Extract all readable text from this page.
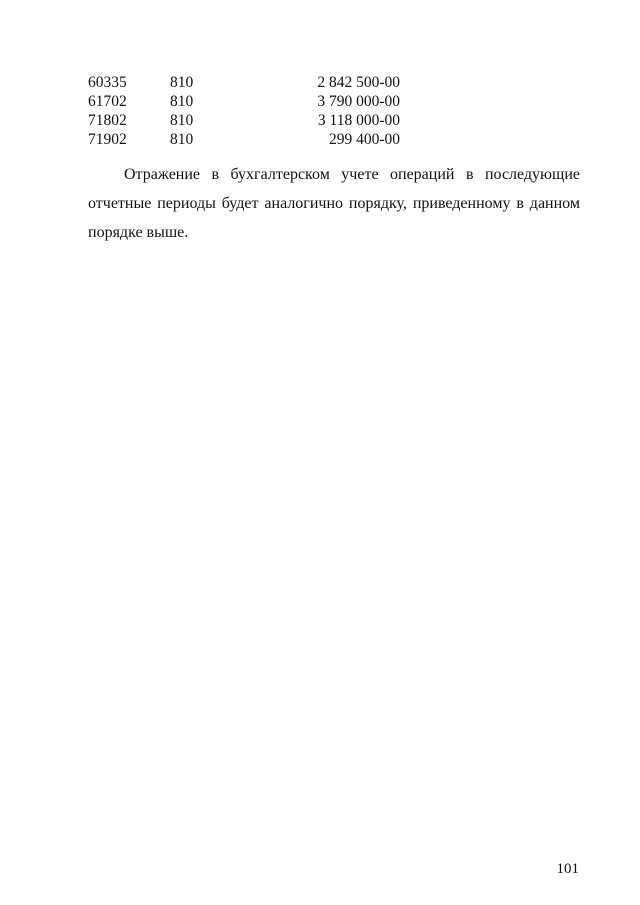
60335	810	2 842 500-00
61702	810	3 790 000-00
71802	810	3 118 000-00
71902	810	299 400-00

Отражение в бухгалтерском учете операций в последующие отчетные периоды будет аналогично порядку, приведенному в данном порядке выше.

101
